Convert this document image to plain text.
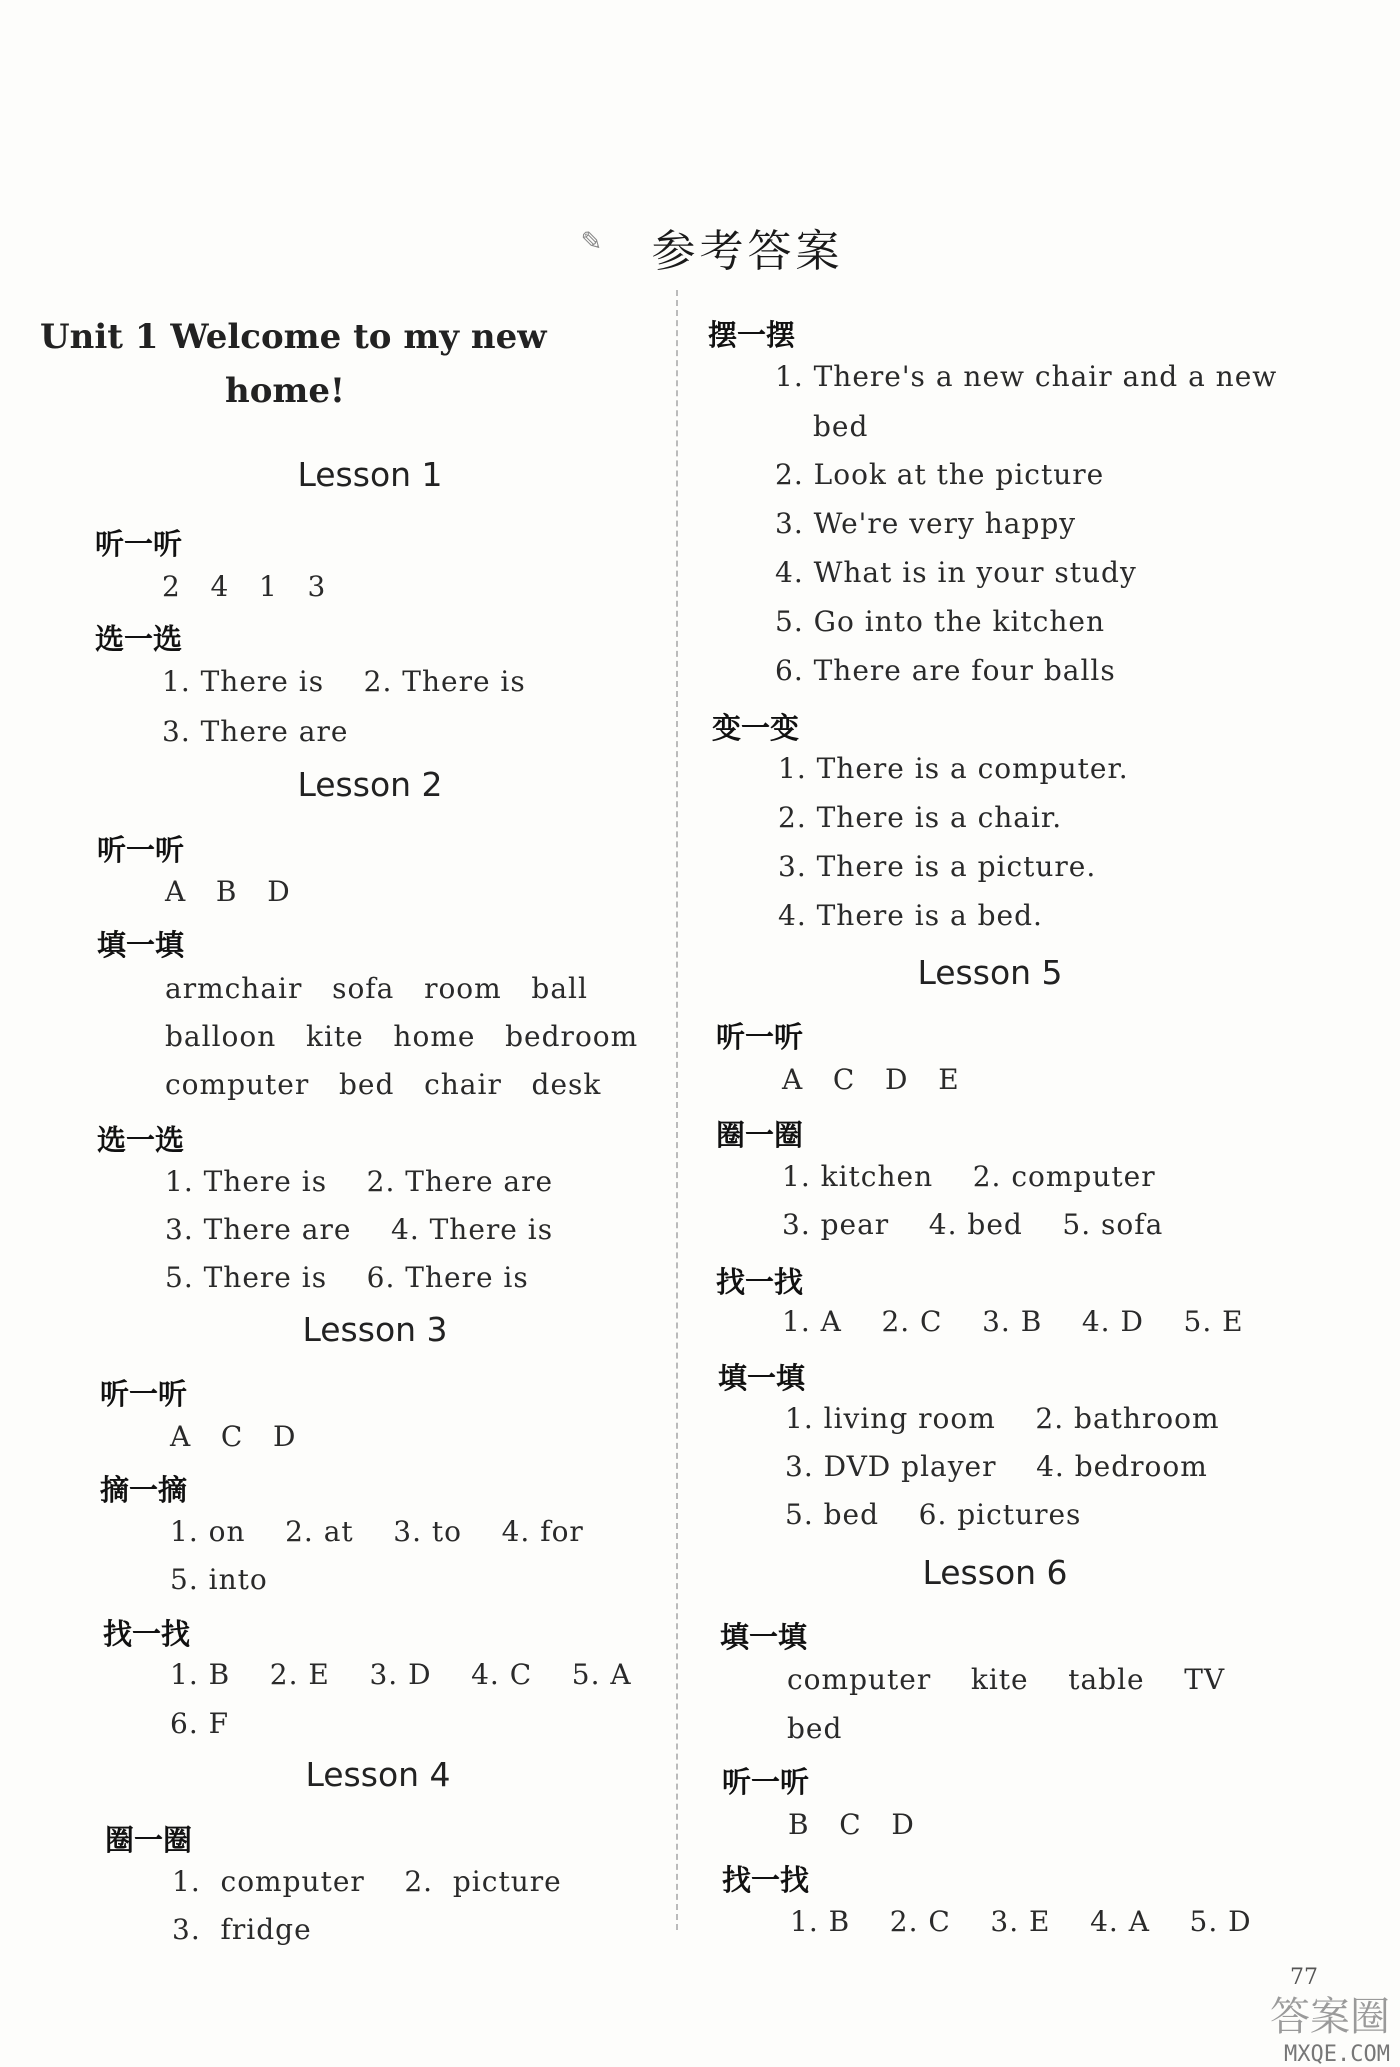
✎ 参考答案
Unit 1 Welcome to my new
home!
Lesson 1
听一听
2   4   1   3
选一选
1. There is    2. There is
3. There are
Lesson 2
听一听
A   B   D
填一填
armchair   sofa   room   ball
balloon   kite   home   bedroom
computer   bed   chair   desk
选一选
1. There is    2. There are
3. There are    4. There is
5. There is    6. There is
Lesson 3
听一听
A   C   D
摘一摘
1. on    2. at    3. to    4. for
5. into
找一找
1. B    2. E    3. D    4. C    5. A
6. F
Lesson 4
圈一圈
1.  computer    2.  picture
3.  fridge
摆一摆
1. There's a new chair and a new
bed
2. Look at the picture
3. We're very happy
4. What is in your study
5. Go into the kitchen
6. There are four balls
变一变
1. There is a computer.
2. There is a chair.
3. There is a picture.
4. There is a bed.
Lesson 5
听一听
A   C   D   E
圈一圈
1. kitchen    2. computer
3. pear    4. bed    5. sofa
找一找
1. A    2. C    3. B    4. D    5. E
填一填
1. living room    2. bathroom
3. DVD player    4. bedroom
5. bed    6. pictures
Lesson 6
填一填
computer    kite    table    TV
bed
听一听
B   C   D
找一找
1. B    2. C    3. E    4. A    5. D
77
答案圈
MXQE.COM
